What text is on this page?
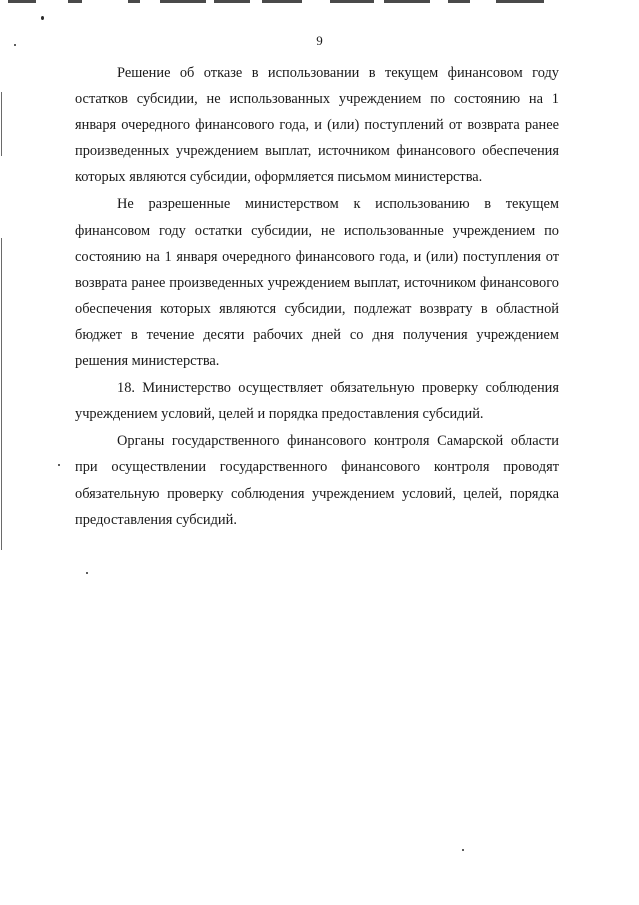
9

Решение об отказе в использовании в текущем финансовом году остатков субсидии, не использованных учреждением по состоянию на 1 января очередного финансового года, и (или) поступлений от возврата ранее произведенных учреждением выплат, источником финансового обеспечения которых являются субсидии, оформляется письмом министерства.

Не разрешенные министерством к использованию в текущем финансовом году остатки субсидии, не использованные учреждением по состоянию на 1 января очередного финансового года, и (или) поступления от возврата ранее произведенных учреждением выплат, источником финансового обеспечения которых являются субсидии, подлежат возврату в областной бюджет в течение десяти рабочих дней со дня получения учреждением решения министерства.

18. Министерство осуществляет обязательную проверку соблюдения учреждением условий, целей и порядка предоставления субсидий.

Органы государственного финансового контроля Самарской области при осуществлении государственного финансового контроля проводят обязательную проверку соблюдения учреждением условий, целей, порядка предоставления субсидий.
